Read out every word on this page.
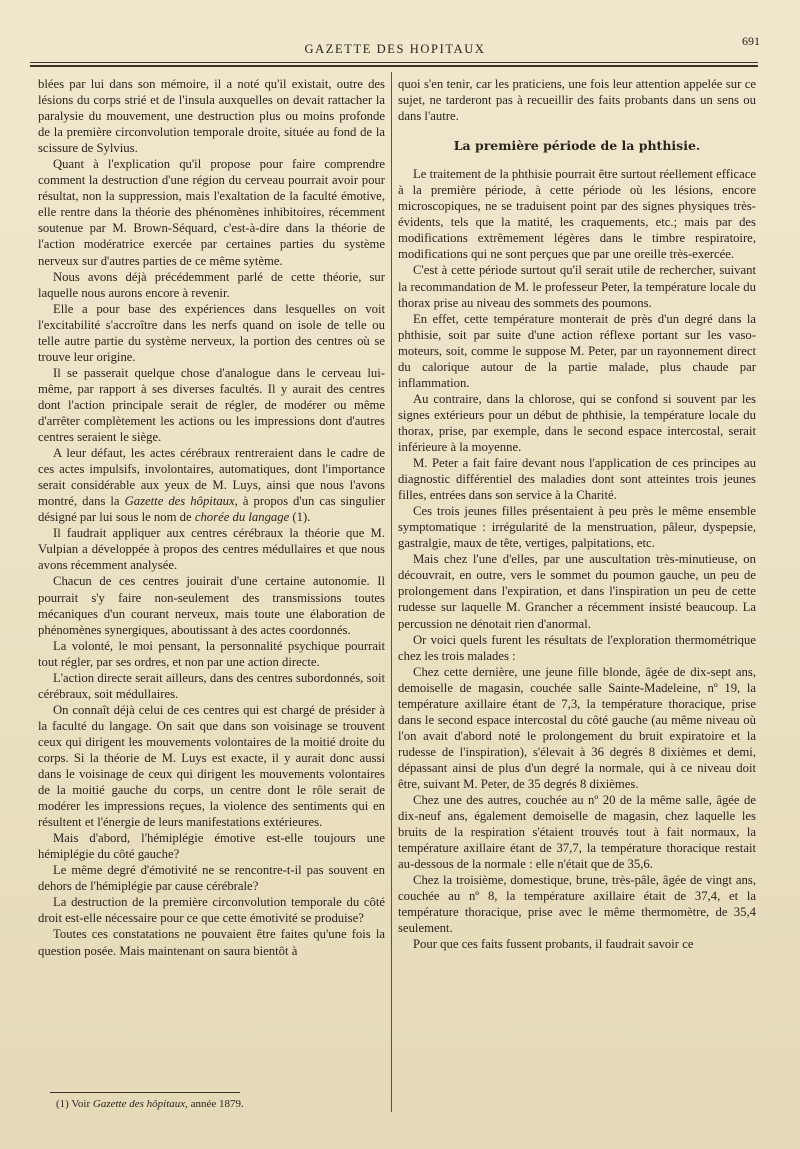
GAZETTE DES HOPITAUX
691

blées par lui dans son mémoire, il a noté qu'il existait, outre des lésions du corps strié et de l'insula auxquelles on devait rattacher la paralysie du mouvement, une destruction plus ou moins profonde de la première circonvolution temporale droite, située au fond de la scissure de Sylvius.

Quant à l'explication qu'il propose pour faire comprendre comment la destruction d'une région du cerveau pourrait avoir pour résultat, non la suppression, mais l'exaltation de la faculté émotive, elle rentre dans la théorie des phénomènes inhibitoires, récemment soutenue par M. Brown-Séquard, c'est-à-dire dans la théorie de l'action modératrice exercée par certaines parties du système nerveux sur d'autres parties de ce même sytème.

Nous avons déjà précédemment parlé de cette théorie, sur laquelle nous aurons encore à revenir.

Elle a pour base des expériences dans lesquelles on voit l'excitabilité s'accroître dans les nerfs quand on isole de telle ou telle autre partie du système nerveux, la portion des centres où se trouve leur origine.

Il se passerait quelque chose d'analogue dans le cerveau lui-même, par rapport à ses diverses facultés. Il y aurait des centres dont l'action principale serait de régler, de modérer ou même d'arrêter complètement les actions ou les impressions dont d'autres centres seraient le siège.

A leur défaut, les actes cérébraux rentreraient dans le cadre de ces actes impulsifs, involontaires, automatiques, dont l'importance serait considérable aux yeux de M. Luys, ainsi que nous l'avons montré, dans la Gazette des hôpitaux, à propos d'un cas singulier désigné par lui sous le nom de chorée du langage (1).

Il faudrait appliquer aux centres cérébraux la théorie que M. Vulpian a développée à propos des centres médullaires et que nous avons récemment analysée.

Chacun de ces centres jouirait d'une certaine autonomie. Il pourrait s'y faire non-seulement des transmissions toutes mécaniques d'un courant nerveux, mais toute une élaboration de phénomènes synergiques, aboutissant à des actes coordonnés.

La volonté, le moi pensant, la personnalité psychique pourrait tout régler, par ses ordres, et non par une action directe.

L'action directe serait ailleurs, dans des centres subordonnés, soit cérébraux, soit médullaires.

On connaît déjà celui de ces centres qui est chargé de présider à la faculté du langage. On sait que dans son voisinage se trouvent ceux qui dirigent les mouvements volontaires de la moitié droite du corps. Si la théorie de M. Luys est exacte, il y aurait donc aussi dans le voisinage de ceux qui dirigent les mouvements volontaires de la moitié gauche du corps, un centre dont le rôle serait de modérer les impressions reçues, la violence des sentiments qui en résultent et l'énergie de leurs manifestations extérieures.

Mais d'abord, l'hémiplégie émotive est-elle toujours une hémiplégie du côté gauche?

Le même degré d'émotivité ne se rencontre-t-il pas souvent en dehors de l'hémiplégie par cause cérébrale?

La destruction de la première circonvolution temporale du côté droit est-elle nécessaire pour ce que cette émotivité se produise?

Toutes ces constatations ne pouvaient être faites qu'une fois la question posée. Mais maintenant on saura bientôt à

quoi s'en tenir, car les praticiens, une fois leur attention appelée sur ce sujet, ne tarderont pas à recueillir des faits probants dans un sens ou dans l'autre.

La première période de la phthisie.

Le traitement de la phthisie pourrait être surtout réellement efficace à la première période, à cette période où les lésions, encore microscopiques, ne se traduisent point par des signes physiques très-évidents, tels que la matité, les craquements, etc.; mais par des modifications extrêmement légères dans le timbre respiratoire, modifications qui ne sont perçues que par une oreille très-exercée.

C'est à cette période surtout qu'il serait utile de rechercher, suivant la recommandation de M. le professeur Peter, la température locale du thorax prise au niveau des sommets des poumons.

En effet, cette température monterait de près d'un degré dans la phthisie, soit par suite d'une action réflexe portant sur les vaso-moteurs, soit, comme le suppose M. Peter, par un rayonnement direct du calorique autour de la partie malade, plus chaude par inflammation.

Au contraire, dans la chlorose, qui se confond si souvent par les signes extérieurs pour un début de phthisie, la température locale du thorax, prise, par exemple, dans le second espace intercostal, serait inférieure à la moyenne.

M. Peter a fait faire devant nous l'application de ces principes au diagnostic différentiel des maladies dont sont atteintes trois jeunes filles, entrées dans son service à la Charité.

Ces trois jeunes filles présentaient à peu près le même ensemble symptomatique : irrégularité de la menstruation, pâleur, dyspepsie, gastralgie, maux de tête, vertiges, palpitations, etc.

Mais chez l'une d'elles, par une auscultation très-minutieuse, on découvrait, en outre, vers le sommet du poumon gauche, un peu de prolongement dans l'expiration, et dans l'inspiration un peu de cette rudesse sur laquelle M. Grancher a récemment insisté beaucoup. La percussion ne dénotait rien d'anormal.

Or voici quels furent les résultats de l'exploration thermométrique chez les trois malades :

Chez cette dernière, une jeune fille blonde, âgée de dix-sept ans, demoiselle de magasin, couchée salle Sainte-Madeleine, nº 19, la température axillaire étant de 7,3, la température thoracique, prise dans le second espace intercostal du côté gauche (au même niveau où l'on avait d'abord noté le prolongement du bruit expiratoire et la rudesse de l'inspiration), s'élevait à 36 degrés 8 dixièmes et demi, dépassant ainsi de plus d'un degré la normale, qui à ce niveau doit être, suivant M. Peter, de 35 degrés 8 dixièmes.

Chez une des autres, couchée au nº 20 de la même salle, âgée de dix-neuf ans, également demoiselle de magasin, chez laquelle les bruits de la respiration s'étaient trouvés tout à fait normaux, la température axillaire étant de 37,7, la température thoracique restait au-dessous de la normale : elle n'était que de 35,6.

Chez la troisième, domestique, brune, très-pâle, âgée de vingt ans, couchée au nº 8, la température axillaire était de 37,4, et la température thoracique, prise avec le même thermomètre, de 35,4 seulement.

Pour que ces faits fussent probants, il faudrait savoir ce

(1) Voir Gazette des hôpitaux, année 1879.
